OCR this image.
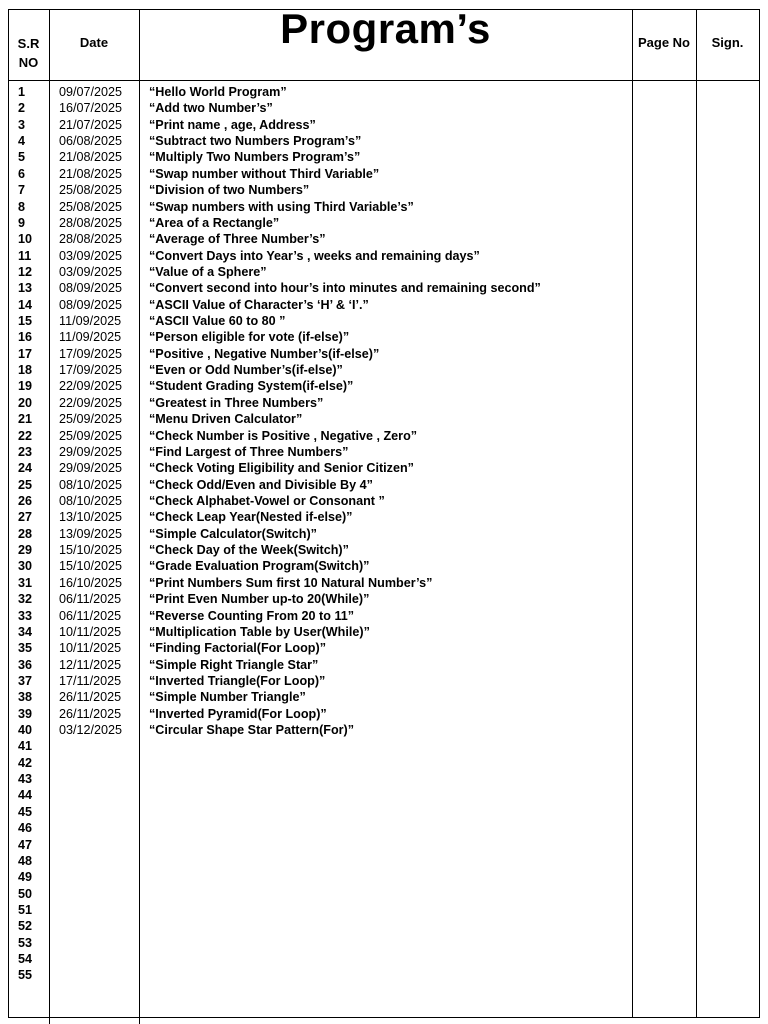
S.R
NO
Date	Program’s	Page No	Sign.
1	09/07/2025 “Hello World Program”
2	16/07/2025 “Add two Number’s”
3	21/07/2025 “Print name , age, Address”
4	06/08/2025 “Subtract two Numbers Program’s”
5	21/08/2025 “Multiply Two Numbers Program’s”
6	21/08/2025 “Swap number without Third Variable”
7	25/08/2025 “Division of two Numbers”
8	25/08/2025 “Swap numbers with using Third Variable’s”
9	28/08/2025 “Area of a Rectangle”
10 28/08/2025 “Average of Three Number’s”
11 03/09/2025 “Convert Days into Year’s , weeks and remaining days”
12 03/09/2025 “Value of a Sphere”
13 08/09/2025 “Convert second into hour’s into minutes and remaining second”
14 08/09/2025 “ASCII Value of Character’s ‘H’ & ‘I’.”
15 11/09/2025 “ASCII Value 60 to 80 ”
16 11/09/2025 “Person eligible for vote (if-else)”
17 17/09/2025 “Positive , Negative Number’s(if-else)”
18 17/09/2025 “Even or Odd Number’s(if-else)”
19 22/09/2025 “Student Grading System(if-else)”
20 22/09/2025 “Greatest in Three Numbers”
21 25/09/2025 “Menu Driven Calculator”
22 25/09/2025 “Check Number is Positive , Negative , Zero”
23 29/09/2025 “Find Largest of Three Numbers”
24 29/09/2025 “Check Voting Eligibility and Senior Citizen”
25 08/10/2025 “Check Odd/Even and Divisible By 4”
26 08/10/2025 “Check Alphabet-Vowel or Consonant ”
27 13/10/2025 “Check Leap Year(Nested if-else)”
28 13/09/2025 “Simple Calculator(Switch)”
29 15/10/2025 “Check Day of the Week(Switch)”
30 15/10/2025 “Grade Evaluation Program(Switch)”
31 16/10/2025 “Print Numbers Sum first 10 Natural Number’s”
32 06/11/2025 “Print Even Number up-to 20(While)”
33 06/11/2025 “Reverse Counting From 20 to 11”
34 10/11/2025 “Multiplication Table by User(While)”
35 10/11/2025 “Finding Factorial(For Loop)”
36 12/11/2025 “Simple Right Triangle Star”
37 17/11/2025 “Inverted Triangle(For Loop)”
38 26/11/2025 “Simple Number Triangle”
39 26/11/2025 “Inverted Pyramid(For Loop)”
40 03/12/2025 “Circular Shape Star Pattern(For)”
41
42
43
44
45
46
47
48
49
50
51
52
53
54
55
